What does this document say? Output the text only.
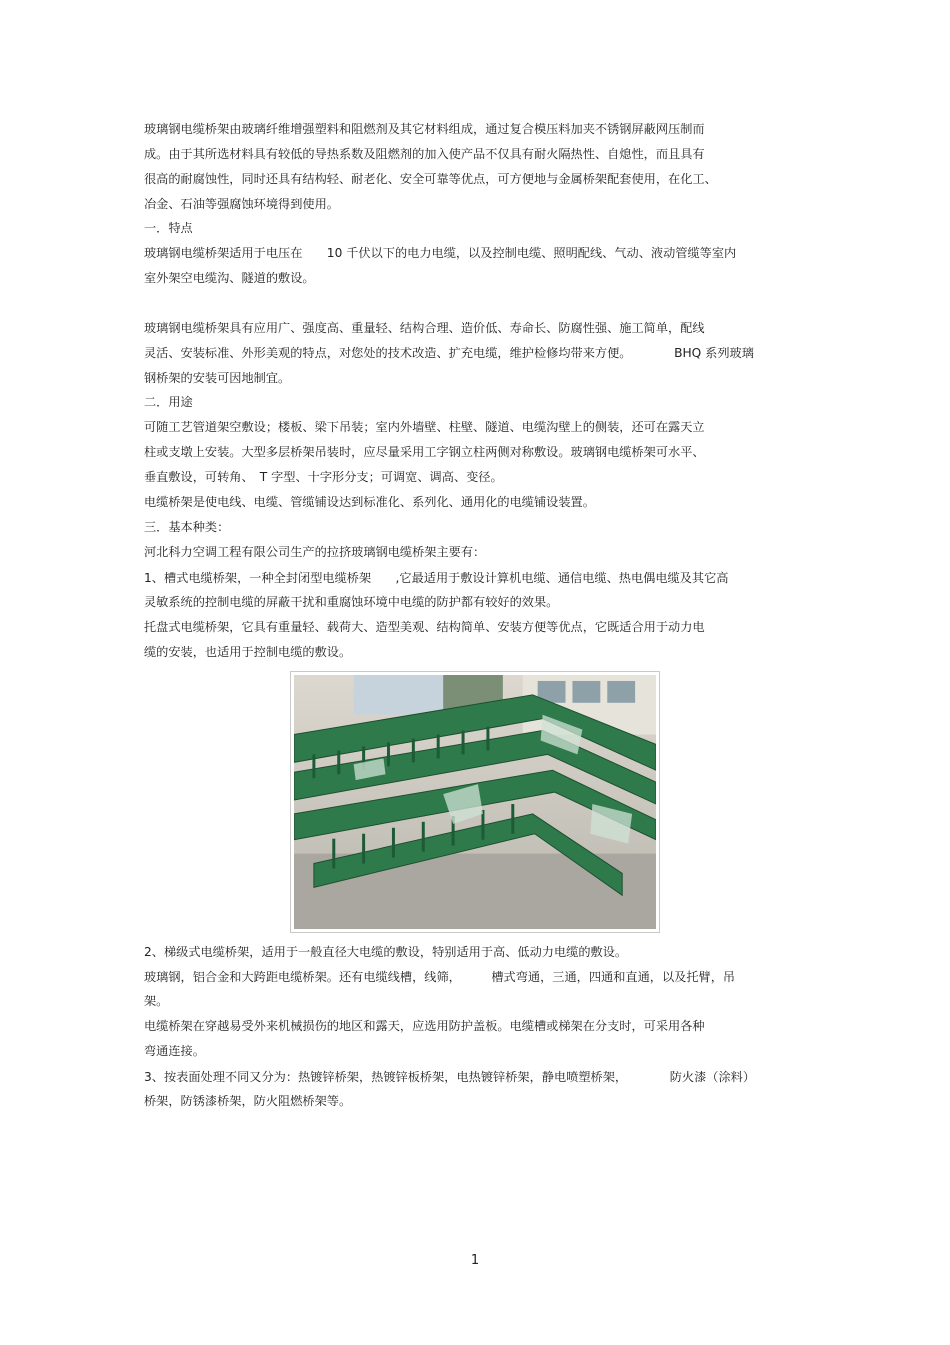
玻璃钢电缆桥架由玻璃纤维增强塑料和阻燃剂及其它材料组成，通过复合模压料加夹不锈钢屏蔽网压制而
成。由于其所选材料具有较低的导热系数及阻燃剂的加入使产品不仅具有耐火隔热性、自熄性，而且具有
很高的耐腐蚀性，同时还具有结构轻、耐老化、安全可靠等优点，可方便地与金属桥架配套使用，在化工、
冶金、石油等强腐蚀环境得到使用。
一．特点
玻璃钢电缆桥架适用于电压在　　10 千伏以下的电力电缆，以及控制电缆、照明配线、气动、液动管缆等室内
室外架空电缆沟、隧道的敷设。
玻璃钢电缆桥架具有应用广、强度高、重量轻、结构合理、造价低、寿命长、防腐性强、施工简单，配线
灵活、安装标准、外形美观的特点，对您处的技术改造、扩充电缆，维护检修均带来方便。　　　　BHQ 系列玻璃
钢桥架的安装可因地制宜。
二．用途
可随工艺管道架空敷设；楼板、梁下吊装；室内外墙壁、柱壁、隧道、电缆沟壁上的侧装，还可在露天立
柱或支墩上安装。大型多层桥架吊装时，应尽量采用工字钢立柱两侧对称敷设。玻璃钢电缆桥架可水平、
垂直敷设，可转角、　T 字型、十字形分支；可调宽、调高、变径。
电缆桥架是使电线、电缆、管缆铺设达到标准化、系列化、通用化的电缆铺设装置。
三．基本种类：
河北科力空调工程有限公司生产的拉挤玻璃钢电缆桥架主要有：
1、槽式电缆桥架，一种全封闭型电缆桥架　　,它最适用于敷设计算机电缆、通信电缆、热电偶电缆及其它高
灵敏系统的控制电缆的屏蔽干扰和重腐蚀环境中电缆的防护都有较好的效果。
托盘式电缆桥架，它具有重量轻、载荷大、造型美观、结构简单、安装方便等优点，它既适合用于动力电
缆的安装，也适用于控制电缆的敷设。
2、梯级式电缆桥架，适用于一般直径大电缆的敷设，特别适用于高、低动力电缆的敷设。
玻璃钢，铝合金和大跨距电缆桥架。还有电缆线槽，线筛，　　　槽式弯通，三通，四通和直通，以及托臂，吊
架。
电缆桥架在穿越易受外来机械损伤的地区和露天，应选用防护盖板。电缆槽或梯架在分支时，可采用各种
弯通连接。
3、按表面处理不同又分为：热镀锌桥架，热镀锌板桥架，电热镀锌桥架，静电喷塑桥架，　　　　防火漆（涂料）
桥架，防锈漆桥架，防火阻燃桥架等。
1
